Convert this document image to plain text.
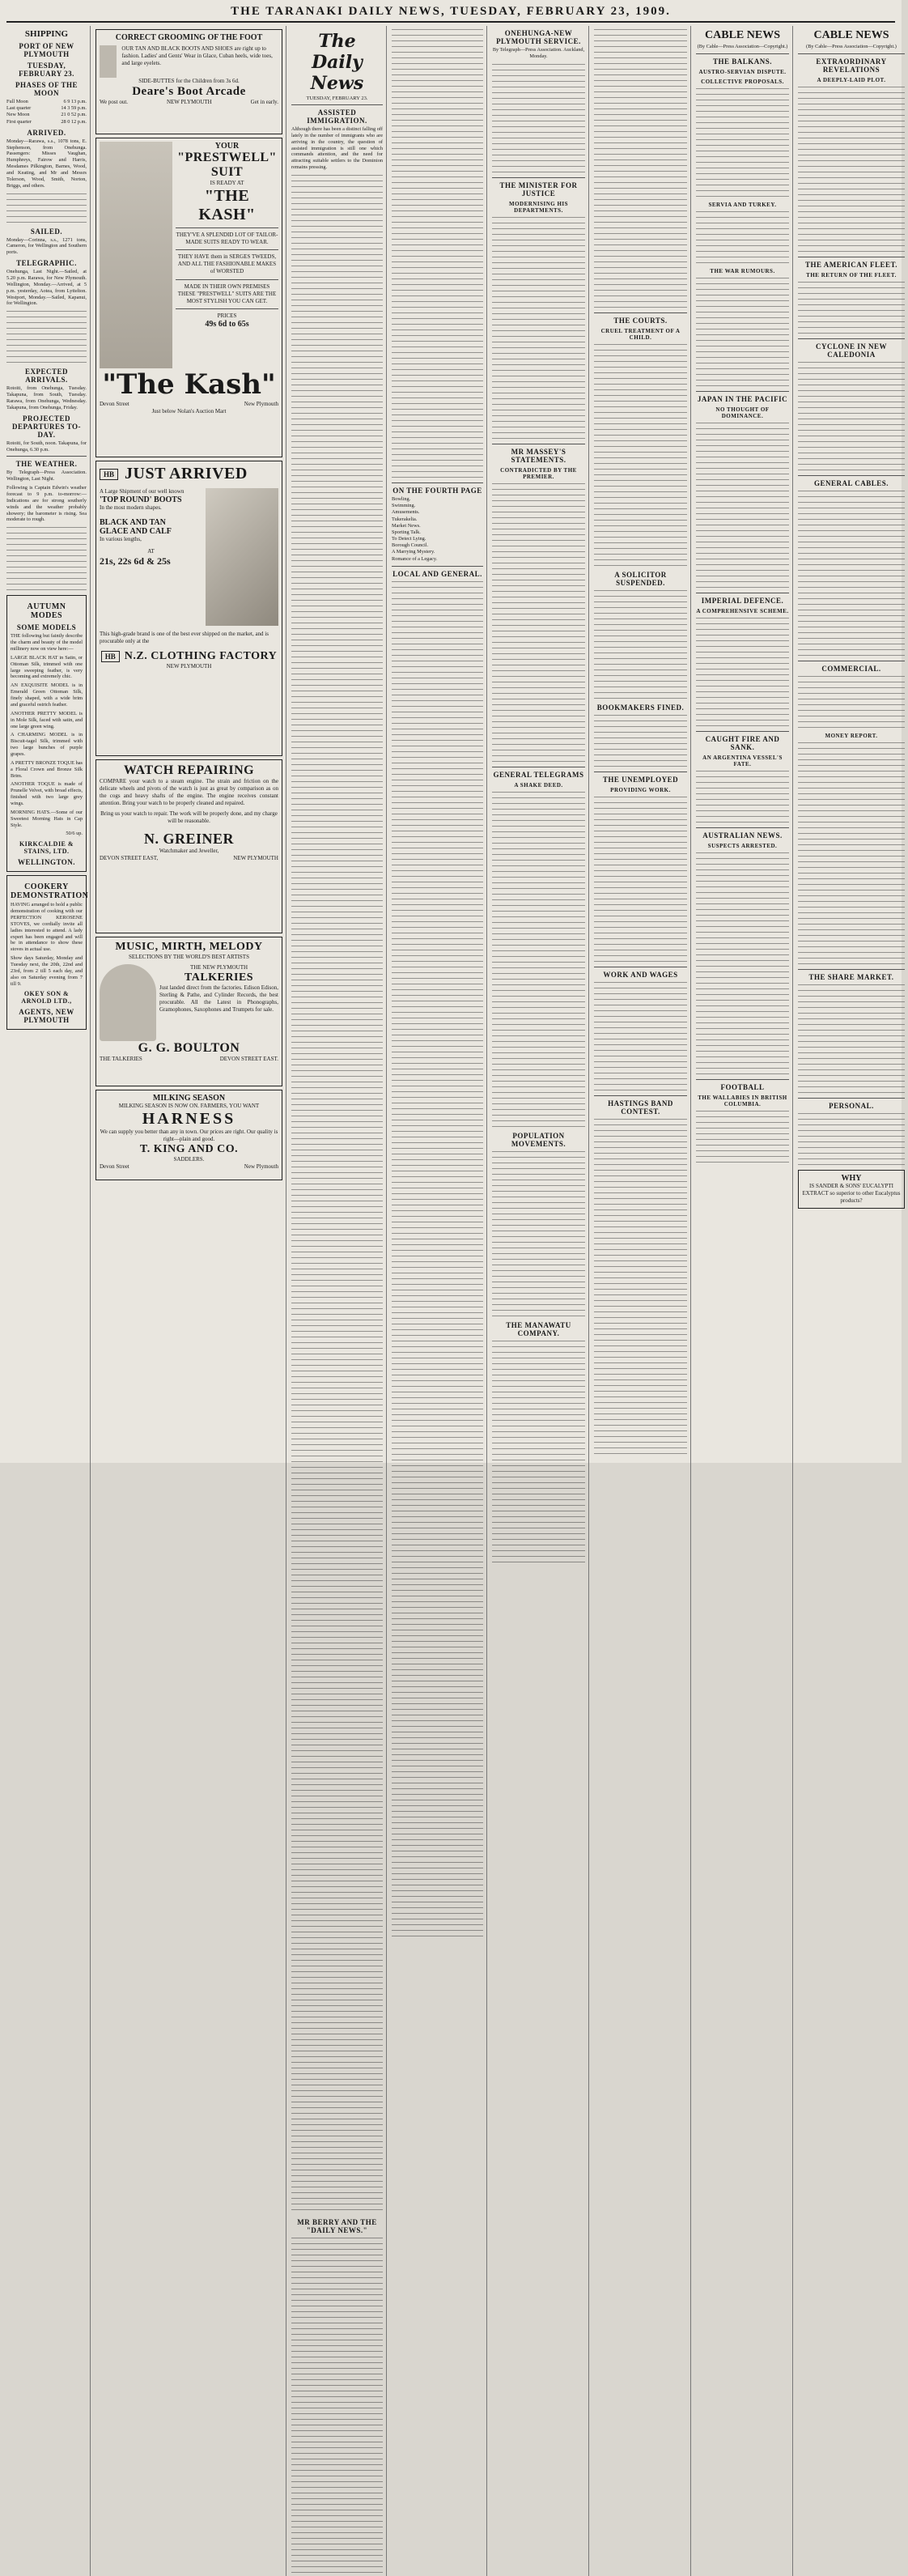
THE TARANAKI DAILY NEWS, TUESDAY, FEBRUARY 23, 1909.
SHIPPING
PORT OF NEW PLYMOUTH
TUESDAY, FEBRUARY 23.
PHASES OF THE MOON
Full Moon	6 9 13 p.m.
Last quarter	14 3 59 p.m.
New Moon	21 0 52 p.m.
First quarter	28 0 12 p.m.
ARRIVED.

Monday—Rarawa, s.s., 1078 tons, E. Stephenson, from Onehunga. Passengers: Misses Vaughan, Humphreys, Fairow and Harris, Mesdames Pilkington, Barnes, Wood, and Keating, and Mr and Messrs Tolerson, Wood, Smith, Norton, Briggs, and others.

SAILED.

Monday—Corinna, s.s., 1271 tons, Cameron, for Wellington and Southern ports.

TELEGRAPHIC.

Onehunga, Last Night.—Sailed, at 5.20 p.m. Rarawa, for New Plymouth. Wellington, Monday.—Arrived, at 5 p.m. yesterday, Aotea, from Lyttelton. Westport, Monday.—Sailed, Kapanui, for Wellington.

EXPECTED ARRIVALS.

Rotoiti, from Onehunga, Tuesday. Takapuna, from South, Tuesday. Rarawa, from Onehunga, Wednesday. Takapuna, from Onehunga, Friday.

PROJECTED DEPARTURES TO-DAY.

Rotoiti, for South, noon. Takapuna, for Onehunga, 6.30 p.m.

THE WEATHER.

By Telegraph—Press Association. Wellington, Last Night.

Following is Captain Edwin's weather forecast to 9 p.m. to-morrow:—Indications are for strong southerly winds and the weather probably showery; the barometer is rising. Sea moderate to rough.

AUTUMN MODES
SOME MODELS

THE following but faintly describe the charm and beauty of the model millinery now on view here:—

LARGE BLACK HAT in Satin, or Ottoman Silk, trimmed with one large sweeping feather, is very becoming and extremely chic.

AN EXQUISITE MODEL is in Emerald Green Ottoman Silk, finely shaped, with a wide brim and graceful ostrich feather.

ANOTHER PRETTY MODEL is in Mole Silk, faced with satin, and one large green wing.

A CHARMING MODEL is in Biscuit-tagel Silk, trimmed with two large bunches of purple grapes.

A PRETTY BRONZE TOQUE has a Floral Crown and Bronze Silk Brim.

ANOTHER TOQUE is made of Prunelle Velvet, with broad effects, finished with two large grey wings.

MORNING HATS.—Some of our Sweetest Morning Hats in Cap Style.

50/6 up.

KIRKCALDIE & STAINS, LTD.
WELLINGTON.
COOKERY DEMONSTRATION

HAVING arranged to hold a public demonstration of cooking with our PERFECTION KEROSENE STOVES, we cordially invite all ladies interested to attend. A lady expert has been engaged and will be in attendance to show these stoves in actual use.

Show days Saturday, Monday and Tuesday next, the 20th, 22nd and 23rd, from 2 till 5 each day, and also on Saturday evening from 7 till 9.

OKEY SON & ARNOLD LTD.,
AGENTS, NEW PLYMOUTH
CORRECT GROOMING OF THE FOOT
OUR TAN AND BLACK BOOTS AND SHOES are right up to fashion. Ladies' and Gents' Wear in Glace, Cuban heels, wide toes, and large eyelets.
SIDE-BUTTES for the Children from 3s 6d.
Deare's Boot Arcade
We post out.	NEW PLYMOUTH	Get in early.
YOUR
"PRESTWELL"
SUIT
IS READY AT
"THE KASH"
THEY'VE A SPLENDID LOT OF TAILOR-MADE SUITS READY TO WEAR.
THEY HAVE them in SERGES TWEEDS, AND ALL THE FASHIONABLE MAKES of WORSTED
MADE IN THEIR OWN PREMISES THESE "PRESTWELL" SUITS ARE THE MOST STYLISH YOU CAN GET.
PRICES
49s 6d to 65s
"The Kash"
Devon Street	New Plymouth
Just below Nolan's Auction Mart
HB JUST ARRIVED
A Large Shipment of our well known
'TOP ROUND' BOOTS
In the most modern shapes.
BLACK AND TAN
GLACE AND CALF
In various lengths,
AT
21s, 22s 6d & 25s
This high-grade brand is one of the best ever shipped on the market, and is procurable only at the
HB N.Z. CLOTHING FACTORY
NEW PLYMOUTH
WATCH REPAIRING
COMPARE your watch to a steam engine. The strain and friction on the delicate wheels and pivots of the watch is just as great by comparison as on the cogs and heavy shafts of the engine. The engine receives constant attention. Bring your watch to be properly cleaned and repaired.
Bring us your watch to repair. The work will be properly done, and my charge will be reasonable.
N. GREINER
Watchmaker and Jeweller,
DEVON STREET EAST,	NEW PLYMOUTH
MUSIC, MIRTH, MELODY
SELECTIONS BY THE WORLD'S BEST ARTISTS
THE NEW PLYMOUTH
TALKERIES
Just landed direct from the factories. Edison Edison, Sterling & Pathe, and Cylinder Records, the best procurable. All the Latest in Phonographs, Gramophones, Saxophones and Trumpets for sale.
G. G. BOULTON
THE TALKERIES	DEVON STREET EAST.
MILKING SEASON
MILKING SEASON IS NOW ON. FARMERS, YOU WANT
HARNESS
We can supply you better than any in town. Our prices are right. Our quality is right—plain and good.
T. KING AND CO.
SADDLERS.
Devon Street	New Plymouth
The Daily News
TUESDAY, FEBRUARY 23.
ASSISTED IMMIGRATION.

Although there has been a distinct falling off lately in the number of immigrants who are arriving in the country, the question of assisted immigration is still one which commands attention, and the need for attracting suitable settlers to the Dominion remains pressing.

MR BERRY AND THE "DAILY NEWS."
ON THE FOURTH PAGE
Bowling.
Swimming.
Amusements.
Tukerakelia.
Market News.
Sporting Talk.
To Detect Lying.
Borough Council.
A Marrying Mystery.
Romance of a Legacy.
LOCAL AND GENERAL.
ONEHUNGA-NEW PLYMOUTH SERVICE.

By Telegraph—Press Association. Auckland, Monday.

THE MINISTER FOR JUSTICE
MODERNISING HIS DEPARTMENTS.
MR MASSEY'S STATEMENTS.
CONTRADICTED BY THE PREMIER.
GENERAL TELEGRAMS
A SHAKE DEED.
POPULATION MOVEMENTS.
THE MANAWATU COMPANY.
THE COURTS.
CRUEL TREATMENT OF A CHILD.
A SOLICITOR SUSPENDED.
BOOKMAKERS FINED.
THE UNEMPLOYED
PROVIDING WORK.
WORK AND WAGES
HASTINGS BAND CONTEST.
CABLE NEWS
(By Cable—Press Association—Copyright.)
THE BALKANS.
AUSTRO-SERVIAN DISPUTE.
COLLECTIVE PROPOSALS.
SERVIA AND TURKEY.
THE WAR RUMOURS.
JAPAN IN THE PACIFIC
NO THOUGHT OF DOMINANCE.
IMPERIAL DEFENCE.
A COMPREHENSIVE SCHEME.
CAUGHT FIRE AND SANK.
AN ARGENTINA VESSEL'S FATE.
AUSTRALIAN NEWS.
SUSPECTS ARRESTED.
FOOTBALL
THE WALLABIES IN BRITISH COLUMBIA.
CABLE NEWS
(By Cable—Press Association—Copyright.)
EXTRAORDINARY REVELATIONS
A DEEPLY-LAID PLOT.
THE AMERICAN FLEET.
THE RETURN OF THE FLEET.
CYCLONE IN NEW CALEDONIA
GENERAL CABLES.
COMMERCIAL.
MONEY REPORT.
THE SHARE MARKET.
PERSONAL.
WHY
IS SANDER & SONS' EUCALYPTI EXTRACT so superior to other Eucalyptus products?
